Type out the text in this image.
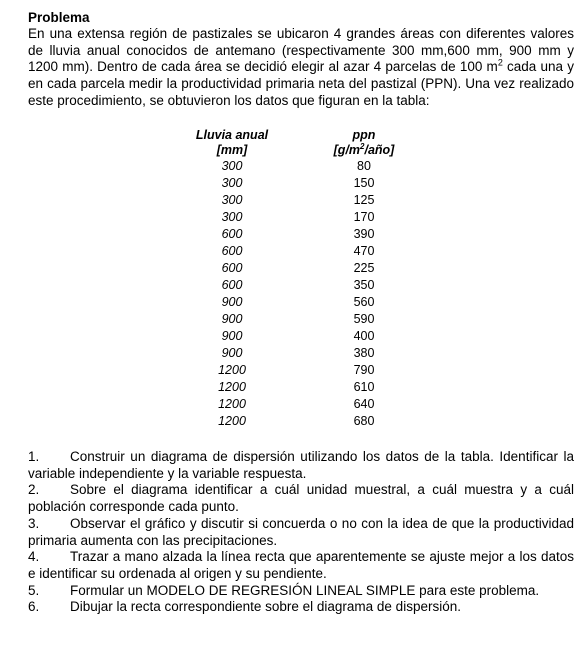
Problema

En una extensa región de pastizales se ubicaron 4 grandes áreas con diferentes valores de lluvia anual conocidos de antemano (respectivamente 300 mm,600 mm, 900 mm y 1200 mm). Dentro de cada área se decidió elegir al azar 4 parcelas de 100 $m^2$ cada una y en cada parcela medir la productividad primaria neta del pastizal (PPN). Una vez realizado este procedimiento, se obtuvieron los datos que figuran en la tabla:

Lluvia anual	ppn
[mm]	$[g/m^2/año]$
300	80
300	150
300	125
300	170
600	390
600	470
600	225
600	350
900	560
900	590
900	400
900	380
1200	790
1200	610
1200	640
1200	680
1. Construir un diagrama de dispersión utilizando los datos de la tabla. Identificar la variable independiente y la variable respuesta.
2. Sobre el diagrama identificar a cuál unidad muestral, a cuál muestra y a cuál población corresponde cada punto.
3. Observar el gráfico y discutir si concuerda o no con la idea de que la productividad primaria aumenta con las precipitaciones.
4. Trazar a mano alzada la línea recta que aparentemente se ajuste mejor a los datos e identificar su ordenada al origen y su pendiente.
5. Formular un MODELO DE REGRESIÓN LINEAL SIMPLE para este problema.
6. Dibujar la recta correspondiente sobre el diagrama de dispersión.
